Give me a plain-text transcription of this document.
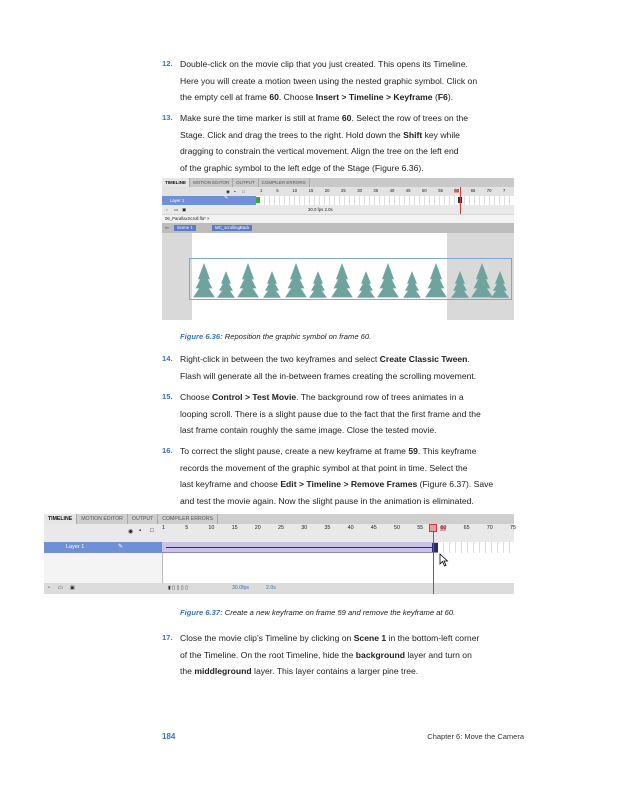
12. Double-click on the movie clip that you just created. This opens its Timeline.
Here you will create a motion tween using the nested graphic symbol. Click on
the empty cell at frame 60. Choose Insert > Timeline > Keyframe (F6).
13. Make sure the time marker is still at frame 60. Select the row of trees on the
Stage. Click and drag the trees to the right. Hold down the Shift key while
dragging to constrain the vertical movement. Align the tree on the left end
of the graphic symbol to the left edge of the Stage (Figure 6.36).
14. Right-click in between the two keyframes and select Create Classic Tween.
Flash will generate all the in-between frames creating the scrolling movement.
15. Choose Control > Test Movie. The background row of trees animates in a
looping scroll. There is a slight pause due to the fact that the first frame and the
last frame contain roughly the same image. Close the tested movie.
16. To correct the slight pause, create a new keyframe at frame 59. This keyframe
records the movement of the graphic symbol at that point in time. Select the
last keyframe and choose Edit > Timeline > Remove Frames (Figure 6.37). Save
and test the movie again. Now the slight pause in the animation is eliminated.
17. Close the movie clip’s Timeline by clicking on Scene 1 in the bottom-left corner
of the Timeline. On the root Timeline, hide the background layer and turn on
the middleground layer. This layer contains a larger pine tree.
TIMELINE	MOTION EDITOR	OUTPUT	COMPILER ERRORS
◉ ▪ □	1	5	10	15	20	25	30	35	40	45	50	55	60	65	70	7
Layer 1	✎
▫ ▭ ▣	30.0 fps 2.0s
06_ParallaxScroll.fla* ×
⇦	Scene 1	MC_scrollingBack
Figure 6.36: Reposition the graphic symbol on frame 60.
TIMELINE	MOTION EDITOR	OUTPUT	COMPILER ERRORS
◉ ▪ □ 1	5	10	15	20	25	30	35	40	45	50	55	60	65	70	75
Layer 1	✎
▫ ▭ ▣	▮ ▯ ▯ ▯ ▯	30.0fps	2.0s
Figure 6.37: Create a new keyframe on frame 59 and remove the keyframe at 60.
184	Chapter 6: Move the Camera
